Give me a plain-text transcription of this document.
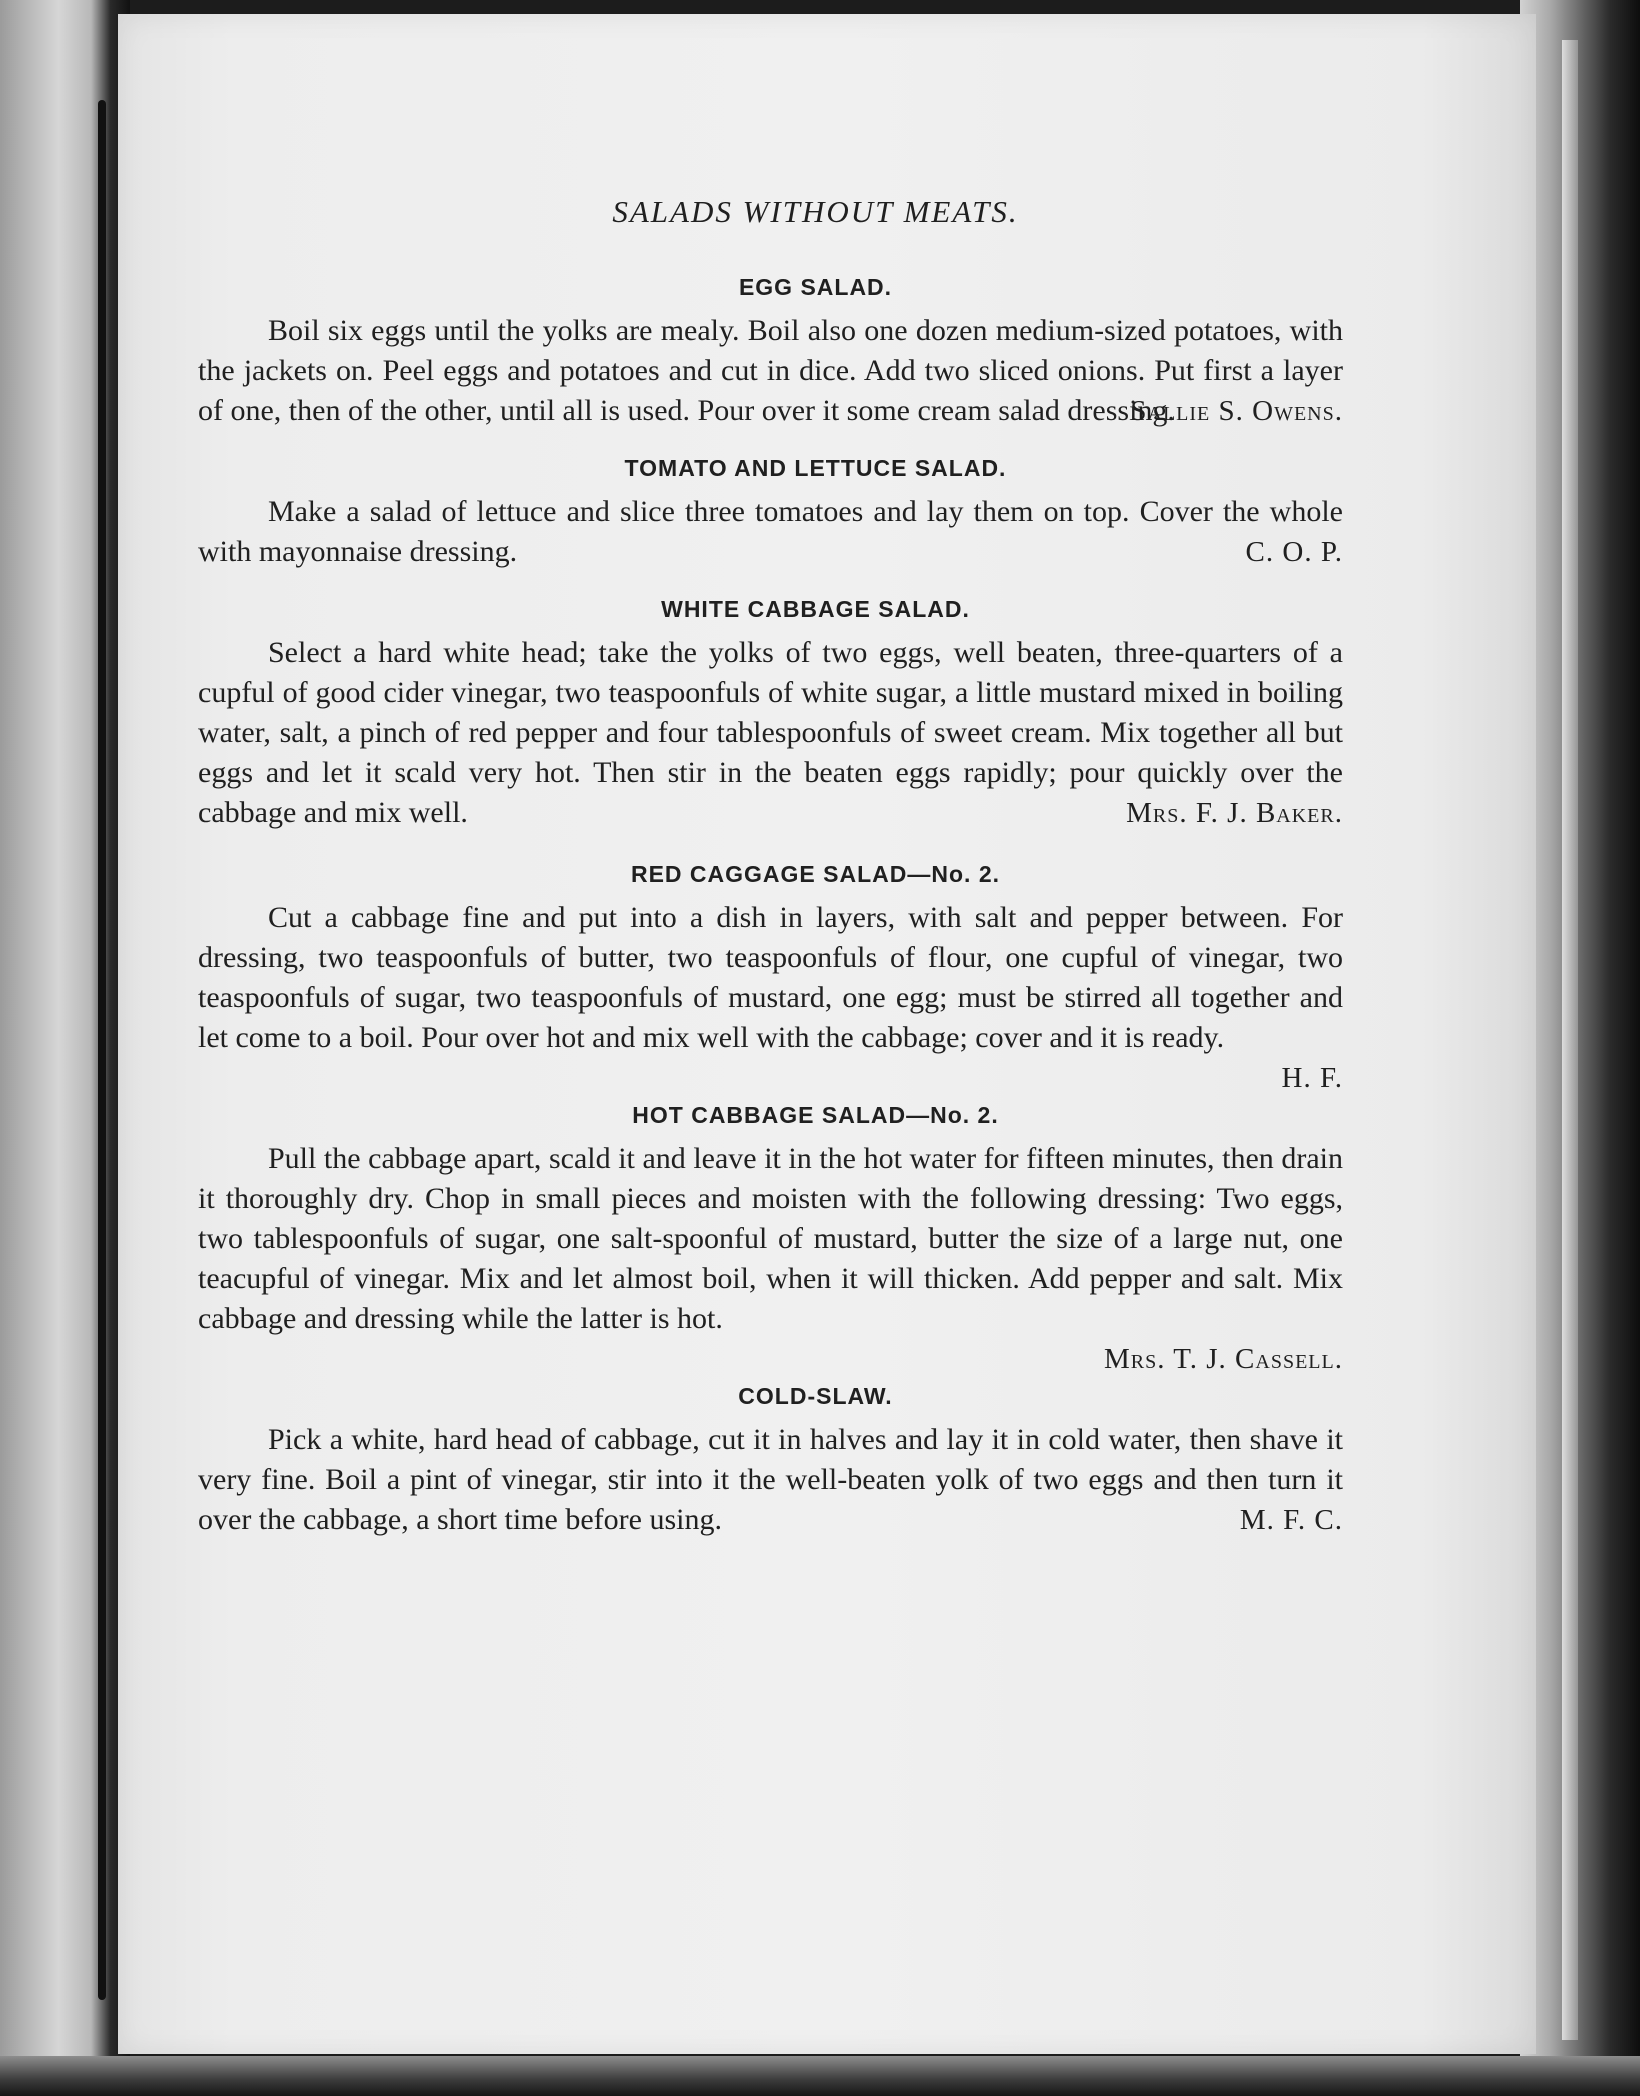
SALADS WITHOUT MEATS.
EGG SALAD.

Boil six eggs until the yolks are mealy. Boil also one dozen medium-sized potatoes, with the jackets on. Peel eggs and potatoes and cut in dice. Add two sliced onions. Put first a layer of one, then of the other, until all is used. Pour over it some cream salad dressing.

Sallie S. Owens.
TOMATO AND LETTUCE SALAD.

Make a salad of lettuce and slice three tomatoes and lay them on top. Cover the whole with mayonnaise dressing.	C. O. P.
WHITE CABBAGE SALAD.

Select a hard white head; take the yolks of two eggs, well beaten, three-quarters of a cupful of good cider vinegar, two teaspoonfuls of white sugar, a little mustard mixed in boiling water, salt, a pinch of red pepper and four tablespoonfuls of sweet cream. Mix together all but eggs and let it scald very hot. Then stir in the beaten eggs rapidly; pour quickly over the cabbage and mix well.	Mrs. F. J. Baker.
RED CAGGAGE SALAD—No. 2.

Cut a cabbage fine and put into a dish in layers, with salt and pepper between. For dressing, two teaspoonfuls of butter, two teaspoonfuls of flour, one cupful of vinegar, two teaspoonfuls of sugar, two teaspoonfuls of mustard, one egg; must be stirred all together and let come to a boil. Pour over hot and mix well with the cabbage; cover and it is ready.

H. F.
HOT CABBAGE SALAD—No. 2.

Pull the cabbage apart, scald it and leave it in the hot water for fifteen minutes, then drain it thoroughly dry. Chop in small pieces and moisten with the following dressing: Two eggs, two tablespoonfuls of sugar, one salt-spoonful of mustard, butter the size of a large nut, one teacupful of vinegar. Mix and let almost boil, when it will thicken. Add pepper and salt. Mix cabbage and dressing while the latter is hot.

Mrs. T. J. Cassell.
COLD-SLAW.

Pick a white, hard head of cabbage, cut it in halves and lay it in cold water, then shave it very fine. Boil a pint of vinegar, stir into it the well-beaten yolk of two eggs and then turn it over the cabbage, a short time before using.	M. F. C.
